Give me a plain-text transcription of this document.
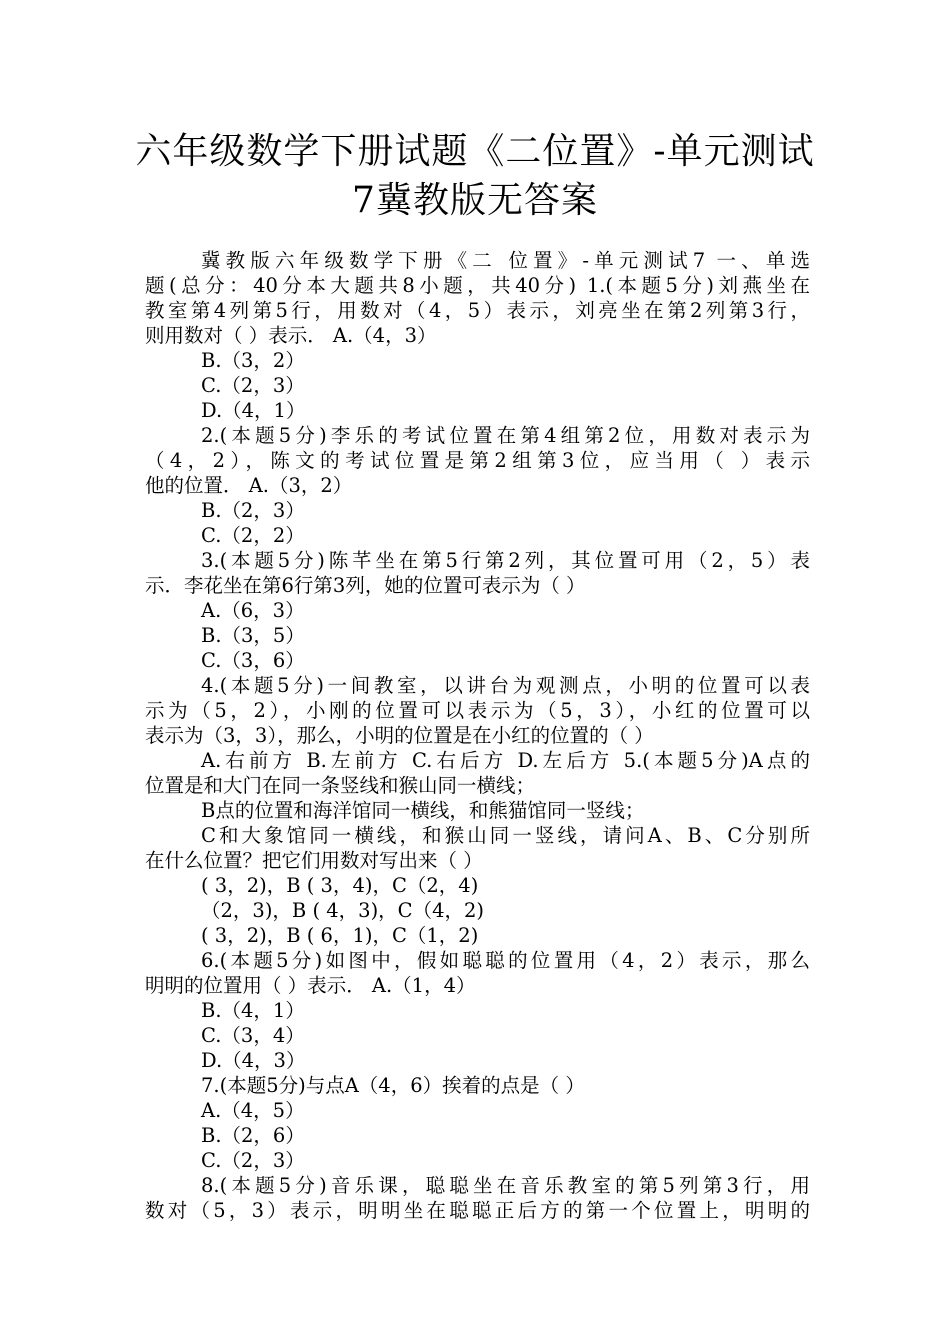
六年级数学下册试题《二位置》-单元测试
7冀教版无答案
冀教版六年级数学下册《二 位置》-单元测试7 一、单选
题(总分：40分本大题共8小题，共40分) 1.(本题5分)刘燕坐在
教室第4列第5行，用数对（4，5）表示，刘亮坐在第2列第3行，
则用数对（ ）表示． A.（4，3）
B.（3，2）
C.（2，3）
D.（4，1）
2.(本题5分)李乐的考试位置在第4组第2位，用数对表示为
（4，2），陈文的考试位置是第2组第3位，应当用（ ）表示
他的位置． A.（3，2）
B.（2，3）
C.（2，2）
3.(本题5分)陈芊坐在第5行第2列，其位置可用（2，5）表
示．李花坐在第6行第3列，她的位置可表示为（ ）
A.（6，3）
B.（3，5）
C.（3，6）
4.(本题5分)一间教室，以讲台为观测点，小明的位置可以表
示为（5，2），小刚的位置可以表示为（5，3），小红的位置可以
表示为（3，3），那么，小明的位置是在小红的位置的（ ）
A.右前方 B.左前方 C.右后方 D.左后方 5.(本题5分)A点的
位置是和大门在同一条竖线和猴山同一横线；
B点的位置和海洋馆同一横线，和熊猫馆同一竖线；
C和大象馆同一横线，和猴山同一竖线，请问A、B、C分别所
在什么位置？把它们用数对写出来（ ）
( 3，2)，B ( 3，4)，C（2，4)
（2，3)，B ( 4，3)，C（4，2)
( 3，2)，B ( 6，1)，C（1，2)
6.(本题5分)如图中，假如聪聪的位置用（4，2）表示，那么
明明的位置用（ ）表示． A.（1，4）
B.（4，1）
C.（3，4）
D.（4，3）
7.(本题5分)与点A（4，6）挨着的点是（ ）
A.（4，5）
B.（2，6）
C.（2，3）
8.(本题5分)音乐课，聪聪坐在音乐教室的第5列第3行，用
数对（5，3）表示，明明坐在聪聪正后方的第一个位置上，明明的
